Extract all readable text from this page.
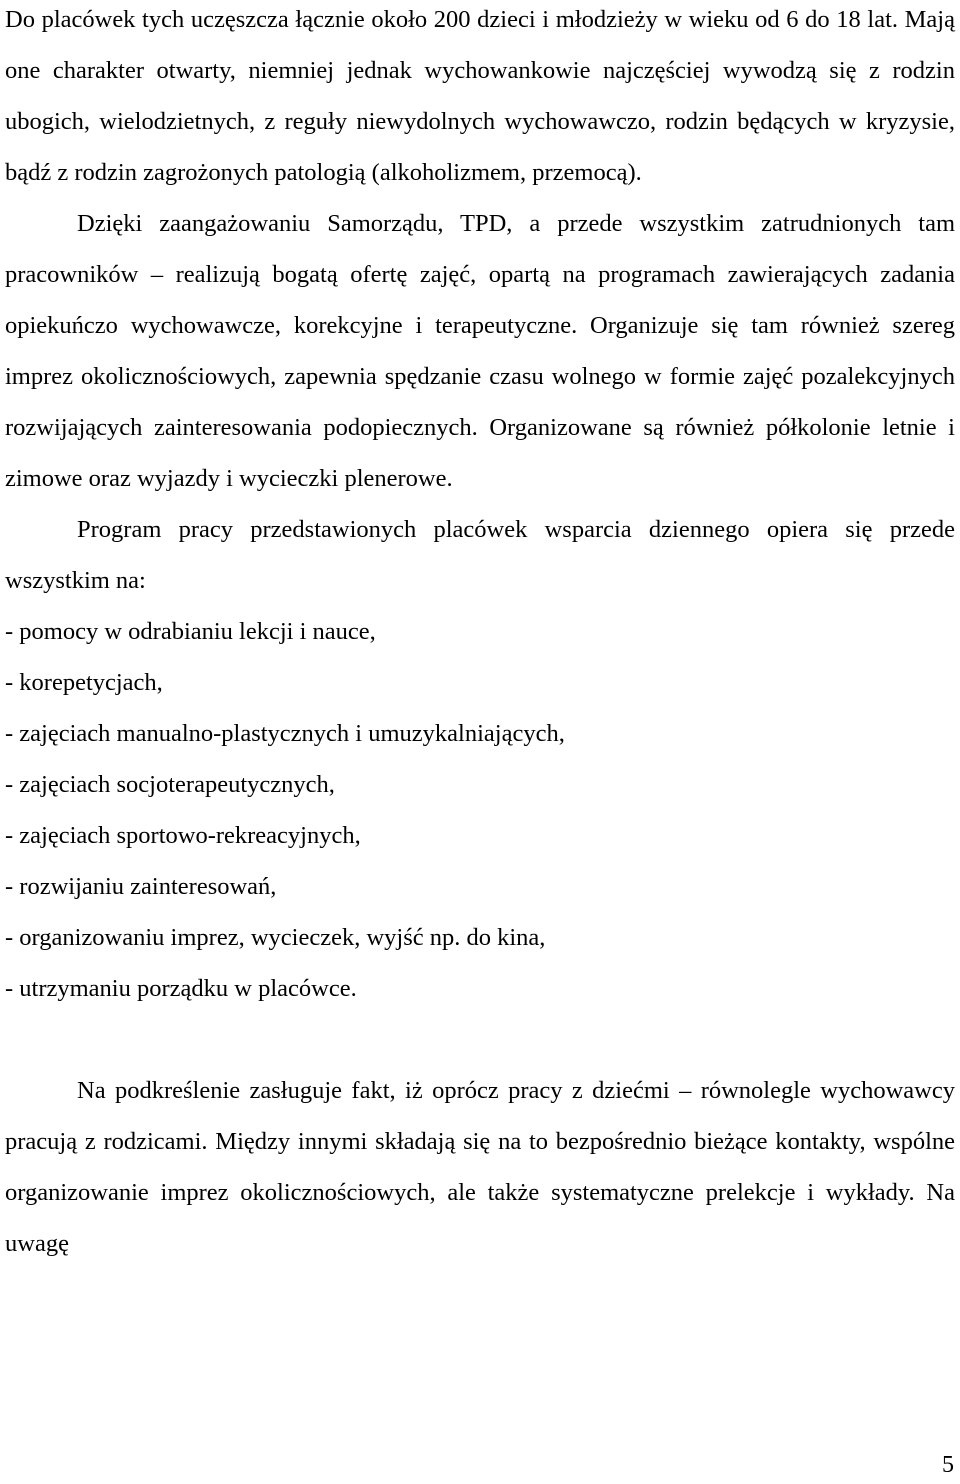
Do placówek tych uczęszcza łącznie około 200 dzieci i młodzieży w wieku od 6 do 18 lat. Mają one charakter otwarty, niemniej jednak wychowankowie najczęściej wywodzą się z rodzin ubogich, wielodzietnych, z reguły niewydolnych wychowawczo, rodzin będących w kryzysie, bądź z rodzin zagrożonych patologią (alkoholizmem, przemocą).

Dzięki zaangażowaniu Samorządu, TPD, a przede wszystkim zatrudnionych tam pracowników – realizują bogatą ofertę zajęć, opartą na programach zawierających zadania opiekuńczo wychowawcze, korekcyjne i terapeutyczne. Organizuje się tam również szereg imprez okolicznościowych, zapewnia spędzanie czasu wolnego w formie zajęć pozalekcyjnych rozwijających zainteresowania podopiecznych. Organizowane są również półkolonie letnie i zimowe oraz wyjazdy i wycieczki plenerowe.

Program pracy przedstawionych placówek wsparcia dziennego opiera się przede wszystkim na:

- pomocy w odrabianiu lekcji i nauce,
- korepetycjach,
- zajęciach manualno-plastycznych i umuzykalniających,
- zajęciach socjoterapeutycznych,
- zajęciach sportowo-rekreacyjnych,
- rozwijaniu zainteresowań,
- organizowaniu imprez, wycieczek, wyjść np. do kina,
- utrzymaniu porządku w placówce.

Na podkreślenie zasługuje fakt, iż oprócz pracy z dziećmi – równolegle wychowawcy pracują z rodzicami. Między innymi składają się na to bezpośrednio bieżące kontakty, wspólne organizowanie imprez okolicznościowych, ale także systematyczne prelekcje i wykłady. Na uwagę

5
